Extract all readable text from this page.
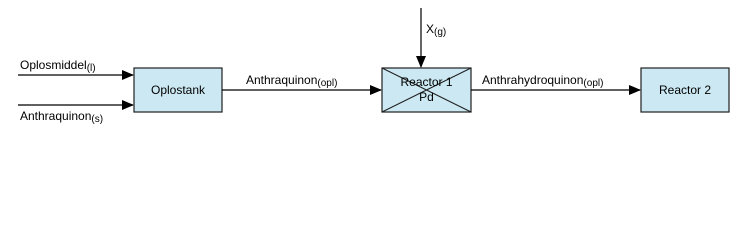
Oplosmiddel(l)
Anthraquinon(s)
Oplostank
Anthraquinon(opl)
X(g)
Reactor 1
Pd
Anthrahydroquinon(opl)	Reactor 2
